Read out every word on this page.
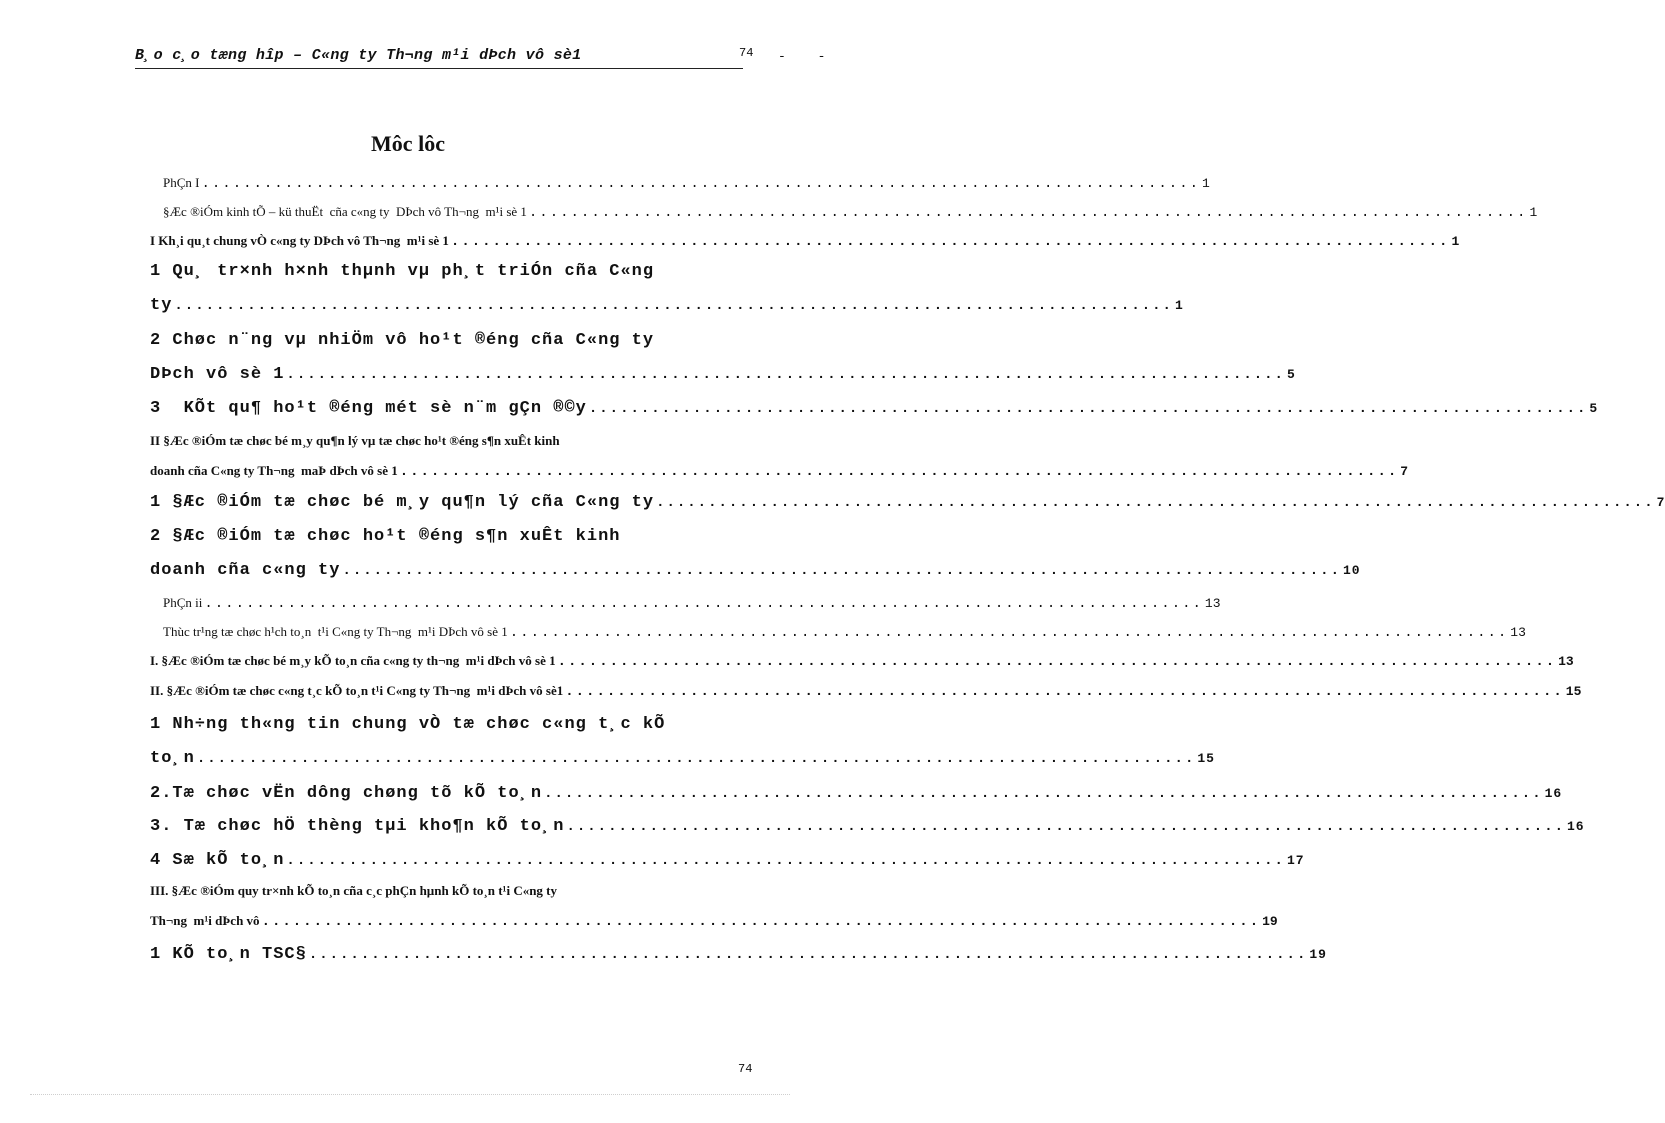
B¸o c¸o tæng hîp – C«ng ty Th¬ng m¹i dÞch vô sè1	74 - -
Môc lôc
PhÇn I ................................................................................................ 1
§Æc ®iÓm kinh tÕ – kü thuËt  cña c«ng ty  DÞch vô Th¬ng  m¹i sè 1 ................................................................................................ 1
I Kh¸i qu¸t chung vÒ c«ng ty DÞch vô Th¬ng  m¹i sè 1 ................................................................................................ 1
1 Qu¸ tr×nh h×nh thµnh vµ ph¸t triÓn cña C«ng
ty ................................................................................................ 1
2 Chøc n¨ng vµ nhiÖm vô ho¹t ®éng cña C«ng ty
DÞch vô sè 1 ................................................................................................ 5
3  KÕt qu¶ ho¹t ®éng mét sè n¨m gÇn ®©y ................................................................................................ 5
II §Æc ®iÓm tæ chøc bé m¸y qu¶n lý vµ tæ chøc ho¹t ®éng s¶n xuÊt kinh
doanh cña C«ng ty Th¬ng  maÞ dÞch vô sè 1 ................................................................................................ 7
1 §Æc ®iÓm tæ chøc bé m¸y qu¶n lý cña C«ng ty ................................................................................................ 7
2 §Æc ®iÓm tæ chøc ho¹t ®éng s¶n xuÊt kinh
doanh cña c«ng ty ................................................................................................ 10
PhÇn ii ................................................................................................ 13
Thùc tr¹ng tæ chøc h¹ch to¸n  t¹i C«ng ty Th¬ng  m¹i DÞch vô sè 1 ................................................................................................ 13
I. §Æc ®iÓm tæ chøc bé m¸y kÕ to¸n cña c«ng ty th¬ng  m¹i dÞch vô sè 1 ................................................................................................ 13
II. §Æc ®iÓm tæ chøc c«ng t¸c kÕ to¸n t¹i C«ng ty Th¬ng  m¹i dÞch vô sè1 ................................................................................................ 15
1 Nh÷ng th«ng tin chung vÒ tæ chøc c«ng t¸c kÕ
to¸n ................................................................................................ 15
2.Tæ chøc vËn dông chøng tõ kÕ to¸n ................................................................................................ 16
3. Tæ chøc hÖ thèng tµi kho¶n kÕ to¸n ................................................................................................ 16
4 Sæ kÕ to¸n ................................................................................................ 17
III. §Æc ®iÓm quy tr×nh kÕ to¸n cña c¸c phÇn hµnh kÕ to¸n t¹i C«ng ty
Th¬ng  m¹i dÞch vô ................................................................................................ 19
1 KÕ to¸n TSC§ ................................................................................................ 19
74
